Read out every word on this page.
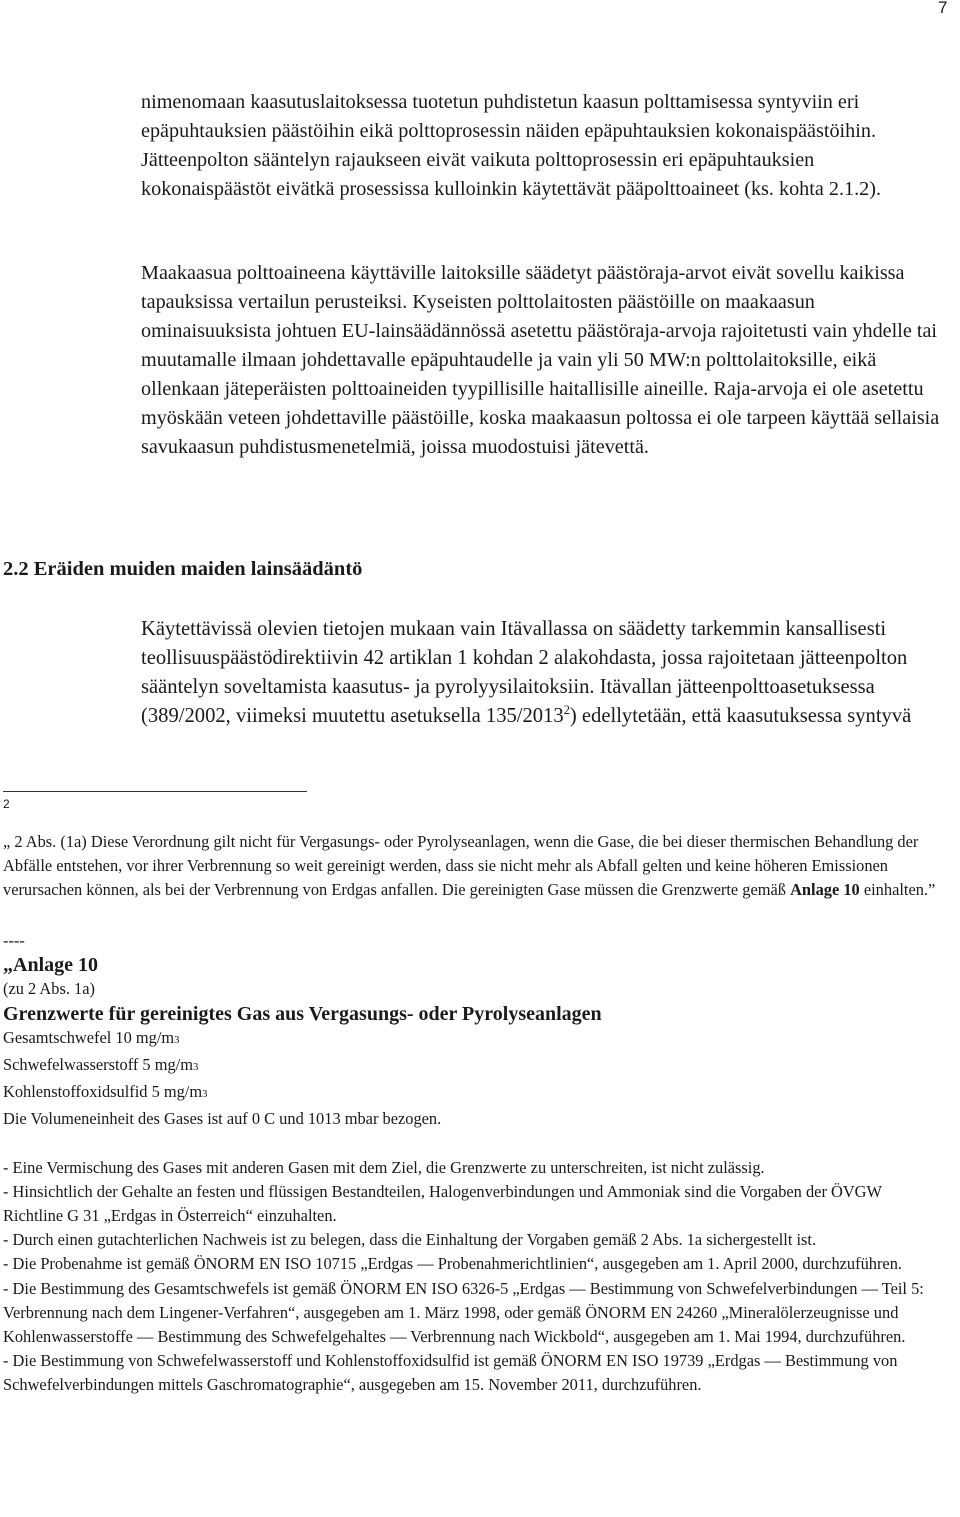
7

nimenomaan kaasutuslaitoksessa tuotetun puhdistetun kaasun polttamisessa syntyviin eri epäpuhtauksien päästöihin eikä polttoprosessin näiden epäpuhtauksien kokonaispäästöihin. Jätteenpolton sääntelyn rajaukseen eivät vaikuta polttoprosessin eri epäpuhtauksien kokonaispäästöt eivätkä prosessissa kulloinkin käytettävät pääpolttoaineet (ks. kohta 2.1.2).

Maakaasua polttoaineena käyttäville laitoksille säädetyt päästöraja-arvot eivät sovellu kaikissa tapauksissa vertailun perusteiksi. Kyseisten polttolaitosten päästöille on maakaasun ominaisuuksista johtuen EU-lainsäädännössä asetettu päästöraja-arvoja rajoitetusti vain yhdelle tai muutamalle ilmaan johdettavalle epäpuhtaudelle ja vain yli 50 MW:n polttolaitoksille, eikä ollenkaan jäteperäisten polttoaineiden tyypillisille haitallisille aineille. Raja-arvoja ei ole asetettu myöskään veteen johdettaville päästöille, koska maakaasun poltossa ei ole tarpeen käyttää sellaisia savukaasun puhdistusmenetelmiä, joissa muodostuisi jätevettä.

2.2 Eräiden muiden maiden lainsäädäntö

Käytettävissä olevien tietojen mukaan vain Itävallassa on säädetty tarkemmin kansallisesti teollisuuspäästödirektiivin 42 artiklan 1 kohdan 2 alakohdasta, jossa rajoitetaan jätteenpolton sääntelyn soveltamista kaasutus- ja pyrolyysilaitoksiin. Itävallan jätteenpolttoasetuksessa (389/2002, viimeksi muutettu asetuksella 135/2013$^2$) edellytetään, että kaasutuksessa syntyvä

2
„ 2 Abs. (1a) Diese Verordnung gilt nicht für Vergasungs- oder Pyrolyseanlagen, wenn die Gase, die bei dieser thermischen Behandlung der Abfälle entstehen, vor ihrer Verbrennung so weit gereinigt werden, dass sie nicht mehr als Abfall gelten und keine höheren Emissionen verursachen können, als bei der Verbrennung von Erdgas anfallen. Die gereinigten Gase müssen die Grenzwerte gemäß Anlage 10 einhalten.”

----

„Anlage 10

(zu 2 Abs. 1a)

Grenzwerte für gereinigtes Gas aus Vergasungs- oder Pyrolyseanlagen

Gesamtschwefel 10 mg/m3

Schwefelwasserstoff 5 mg/m3

Kohlenstoffoxidsulfid 5 mg/m3

Die Volumeneinheit des Gases ist auf 0 C und 1013 mbar bezogen.

- Eine Vermischung des Gases mit anderen Gasen mit dem Ziel, die Grenzwerte zu unterschreiten, ist nicht zulässig.

- Hinsichtlich der Gehalte an festen und flüssigen Bestandteilen, Halogenverbindungen und Ammoniak sind die Vorgaben der ÖVGW Richtline G 31 „Erdgas in Österreich“ einzuhalten.

- Durch einen gutachterlichen Nachweis ist zu belegen, dass die Einhaltung der Vorgaben gemäß 2 Abs. 1a sichergestellt ist.

- Die Probenahme ist gemäß ÖNORM EN ISO 10715 „Erdgas — Probenahmerichtlinien“, ausgegeben am 1. April 2000, durchzuführen.

- Die Bestimmung des Gesamtschwefels ist gemäß ÖNORM EN ISO 6326-5 „Erdgas — Bestimmung von Schwefelverbindungen — Teil 5: Verbrennung nach dem Lingener-Verfahren“, ausgegeben am 1. März 1998, oder gemäß ÖNORM EN 24260 „Mineralölerzeugnisse und Kohlenwasserstoffe — Bestimmung des Schwefelgehaltes — Verbrennung nach Wickbold“, ausgegeben am 1. Mai 1994, durchzuführen.

- Die Bestimmung von Schwefelwasserstoff und Kohlenstoffoxidsulfid ist gemäß ÖNORM EN ISO 19739 „Erdgas — Bestimmung von Schwefelverbindungen mittels Gaschromatographie“, ausgegeben am 15. November 2011, durchzuführen.
